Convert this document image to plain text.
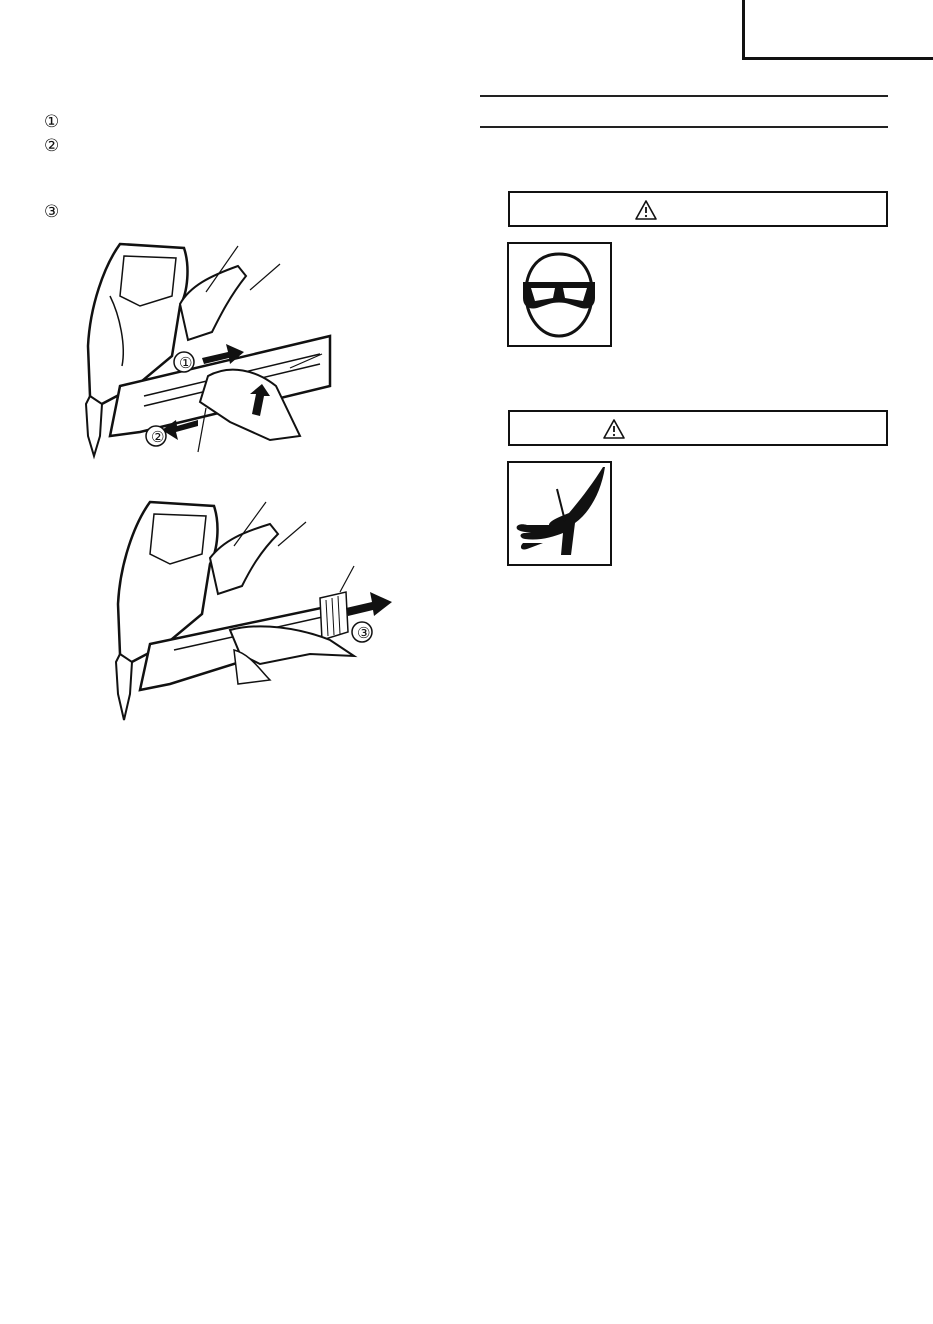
①
②
③
①
②
③
